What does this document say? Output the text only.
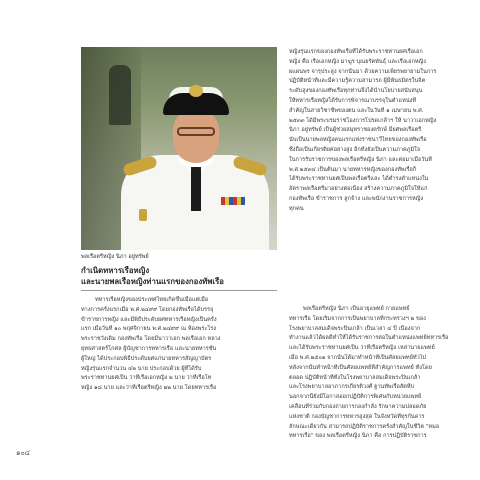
พลเรือตรีหญิง นิภา อยู่ทรัพย์
กำเนิดทหารเรือหญิง
และนายพลเรือหญิงท่านแรกของกองทัพเรือ
ทหารเรือหญิงของประเทศไทยเกิดขึ้นเมื่อแต่เมื่อ
ทางการครั้งแรกเมื่อ พ.ศ.๒๔๙๙ โดยกองทัพเรือได้บรรจุ
ข้าราชการหญิง และมีพิธีประดับยศทหารเรือหญิงเป็นครั้ง
แรก เมื่อวันที่ ๑๐ พฤศจิกายน พ.ศ.๒๔๙๙ ณ ห้องพระโรง
พระราชวังเดิม กองทัพเรือ โดยมีนาวาเอก พลเรือเอก หลวง
ยุทธศาสตร์โกศล ผู้บัญชาการทหารเรือ และนายทหารชั้น
ผู้ใหญ่ ได้ประกอบพิธีประดับยศแก่นายทหารสัญญาบัตร
หญิงรุ่นแรกจำนวน ๔๒ นาย ประกอบด้วย ผู้ที่ได้รับ
พระราชทานยศเป็น ว่าที่เรือเอกหญิง ๒ นาย ว่าที่เรือโท
หญิง ๑๘ นาย และว่าที่เรือตรีหญิง ๒๒ นาย โดยทหารเรือ
หญิงรุ่นแรกของกองทัพเรือที่ได้รับพระราชทานยศเรือเอก
หญิง คือ เรือเอกหญิง มาฆูร บุณยรัตพันธุ์ และเรือเอกหญิง
ผแผนพร จารุประสูง จากนั้นมา ด้วยความเพียรพยายามในการ
ปฏิบัติหน้าที่และมีความรู้ความสามารถ ผู้มีพันธมิตรในจิต
ระดับสูงของกองทัพเรือทุกท่านจึงได้นำนโยบายสนับสนุน
ให้ทหารเรือหญิงได้รับการพิจารณาบรรจุในตำแหน่งที่
สำคัญในสายวิชาชีพของตน และในวันที่ ๑ เมษายน พ.ศ.
๒๕๓๓ ได้มีพระบรมราชโองการโปรดเกล้าฯ ให้ นาวาเอกหญิง
นิภา อยู่ทรัพย์ เป็นผู้ช่วยสมุหราชองครักษ์ มียศพลเรือตรี
นับเป็นนายพลหญิงคนแรกแห่งราชนาวีไทยของกองทัพเรือ
ซึ่งถือเป็นเกียรติยศอย่างสูง อีกทั้งยังเป็นความภาคภูมิใจ
ในการรับราชการของพลเรือตรีหญิง นิภา และต่อมาเมื่อวันที่
พ.ศ.๒๕๓๔ เป็นต้นมา นายทหารหญิงของกองทัพเรือก็
ได้รับพระราชทานยศเป็นพลเรือตรีและ ได้ตำรงตำแหน่งใน
อัตราพลเรือตรีมาอย่างต่อเนื่อง สร้างความภาคภูมิใจให้แก่
กองทัพเรือ ข้าราชการ ลูกจ้าง และพนักงานราชการหญิง
ทุกคน
พลเรือตรีหญิง นิภา เป็นอายุแพทย์ กายแพทย์
ทหารเรือ โดยเริ่มจากการเป็นพยาบาลที่กระทรวงฯ ๒ ของ
โรงพยาบาลสมเด็จพระปิ่นเกล้า เป็นเวลา ๔ ปี เนื่องจาก
ทำงานแล้วได้ผลดีทำให้ได้รับราชการต่อในตำแหน่งแพทย์ทหารเรือ
และได้รับพระราชทานยศเป็น ว่าที่เรือตรีหญิง เหล่านายแพทย์
เมื่อ พ.ศ.๒๕๐๑ จากนั้นได้มาทำหน้าที่เป็นศัลยแพทย์ทั่วไป
หลังจากนั้นทำหน้าที่เป็นศัลยแพทย์ที่สำคัญการแพทย์ ทั้งโดย
ตลอด ปฏิบัติหน้าที่ทั้งในโรงพยาบาลสมเด็จพระปิ่นเกล้า
และโรงพยาบาลอาภากรเกียรติวงศ์ ฐานทัพเรือสัตหีบ
นอกจากนี้ยังมีโอกาสออกปฏิบัติการพิเศษกับหน่วยแพทย์
เคลื่อนที่ร่วมกับกองถ่ายการกองกำลัง รักษาความปลอดภัย
แห่งชาติ กองบัญชาการทหารสูงสุด ในจังหวัดที่ทุรกันดาร
ลักษณะเดียวกัน สามารถปฏิบัติราชการครั้งสำคัญในชีวิต "หมอ
ทหารเรือ" ของ พลเรือตรีหญิง นิภา คือ การปฏิบัติราชการ
๑๐๔
